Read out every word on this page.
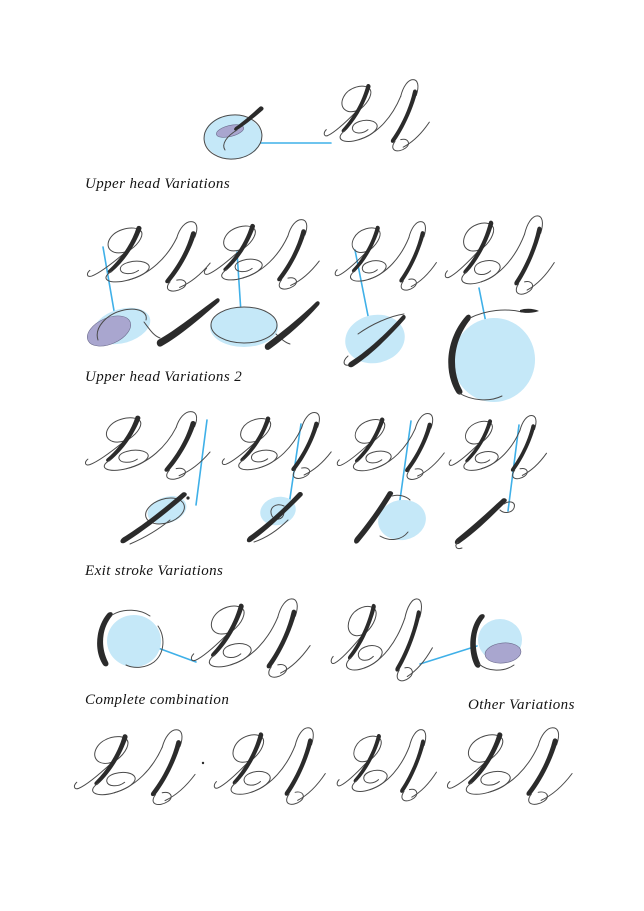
Upper head Variations
Upper head Variations 2
Exit stroke Variations
Complete combination	Other Variations
